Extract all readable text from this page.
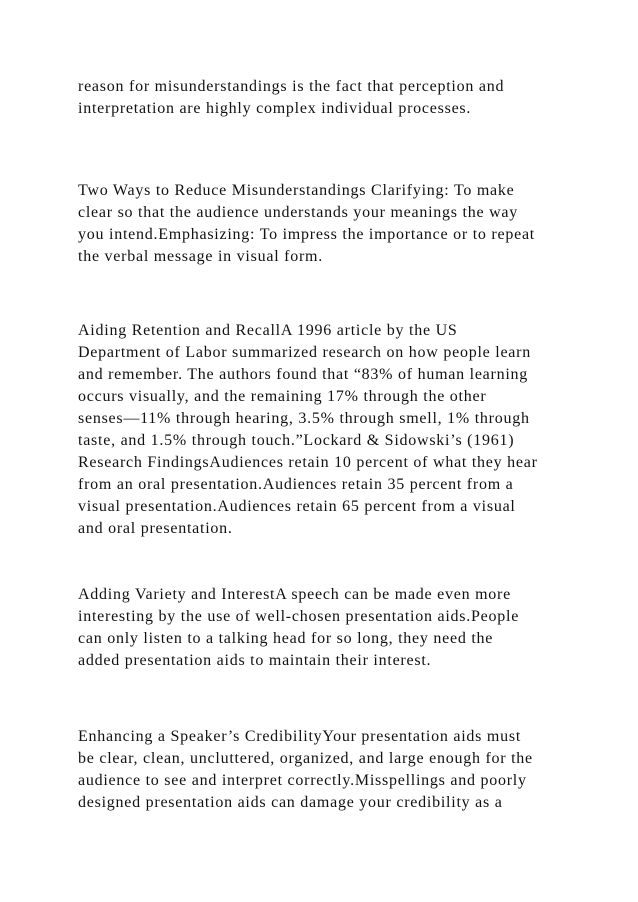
reason for misunderstandings is the fact that perception and
interpretation are highly complex individual processes.

Two Ways to Reduce Misunderstandings Clarifying: To make
clear so that the audience understands your meanings the way
you intend.Emphasizing: To impress the importance or to repeat
the verbal message in visual form.

Aiding Retention and RecallA 1996 article by the US
Department of Labor summarized research on how people learn
and remember. The authors found that “83% of human learning
occurs visually, and the remaining 17% through the other
senses—11% through hearing, 3.5% through smell, 1% through
taste, and 1.5% through touch.”Lockard & Sidowski’s (1961)
Research FindingsAudiences retain 10 percent of what they hear
from an oral presentation.Audiences retain 35 percent from a
visual presentation.Audiences retain 65 percent from a visual
and oral presentation.

Adding Variety and InterestA speech can be made even more
interesting by the use of well-chosen presentation aids.People
can only listen to a talking head for so long, they need the
added presentation aids to maintain their interest.

Enhancing a Speaker’s CredibilityYour presentation aids must
be clear, clean, uncluttered, organized, and large enough for the
audience to see and interpret correctly.Misspellings and poorly
designed presentation aids can damage your credibility as a
